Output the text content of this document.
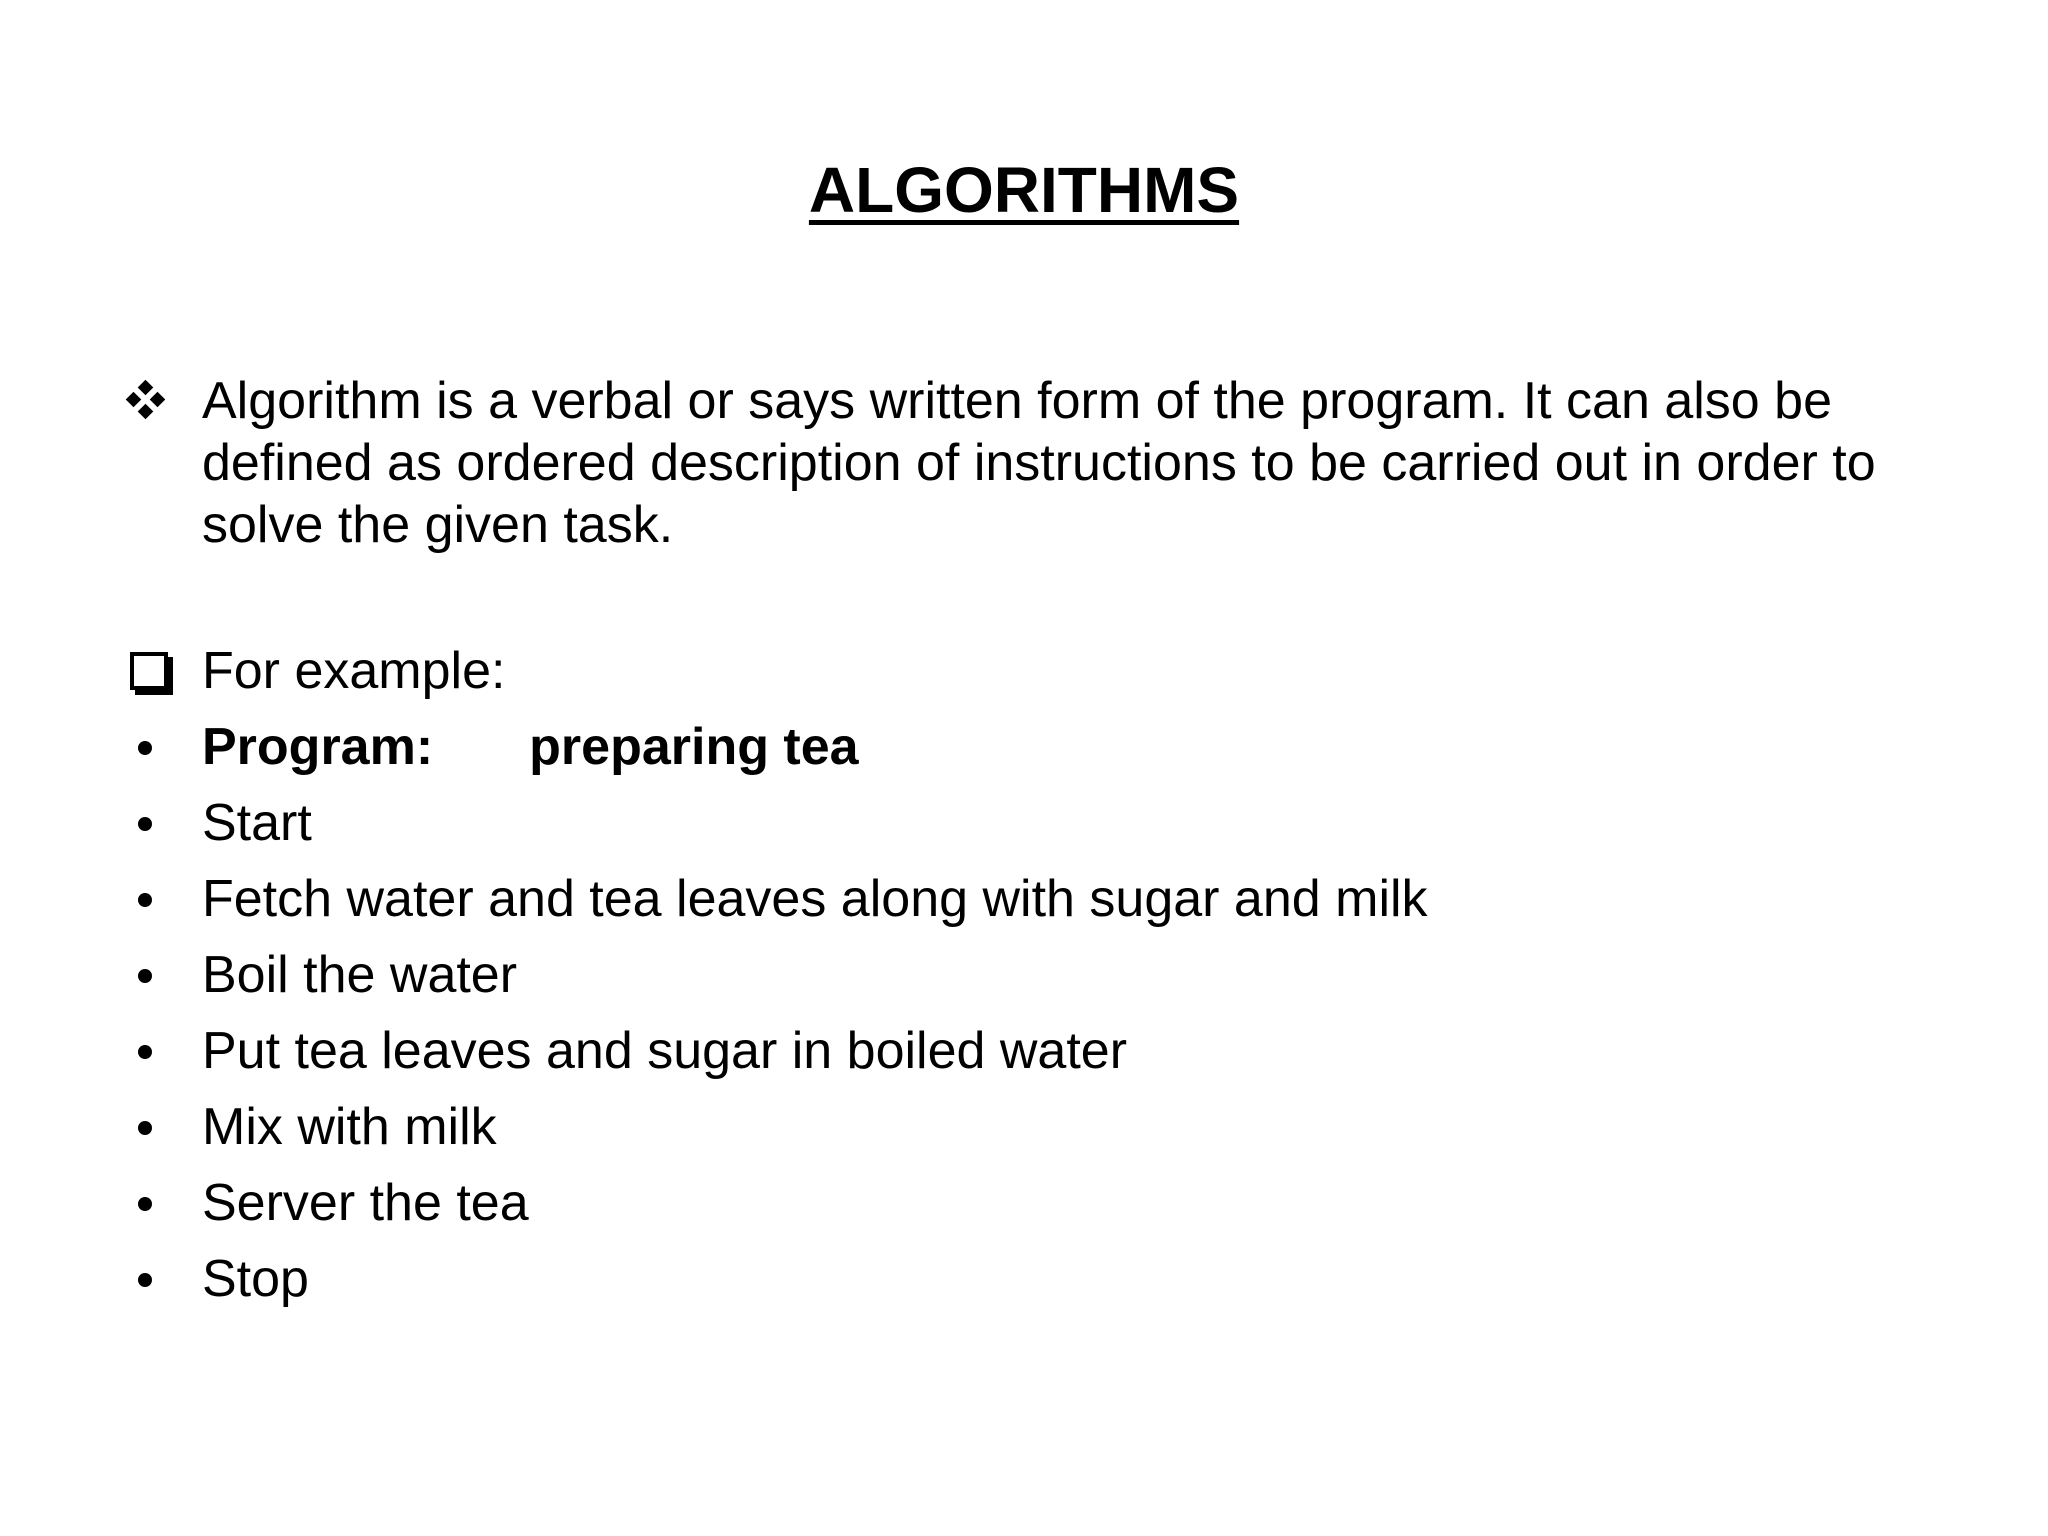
ALGORITHMS
Algorithm is a verbal or says written form of the program. It can also be defined as ordered description of instructions to be carried out in order to solve the given task.
For example:
Program: preparing tea
Start
Fetch water and tea leaves along with sugar and milk
Boil the water
Put tea leaves and sugar in boiled water
Mix with milk
Server the tea
Stop
